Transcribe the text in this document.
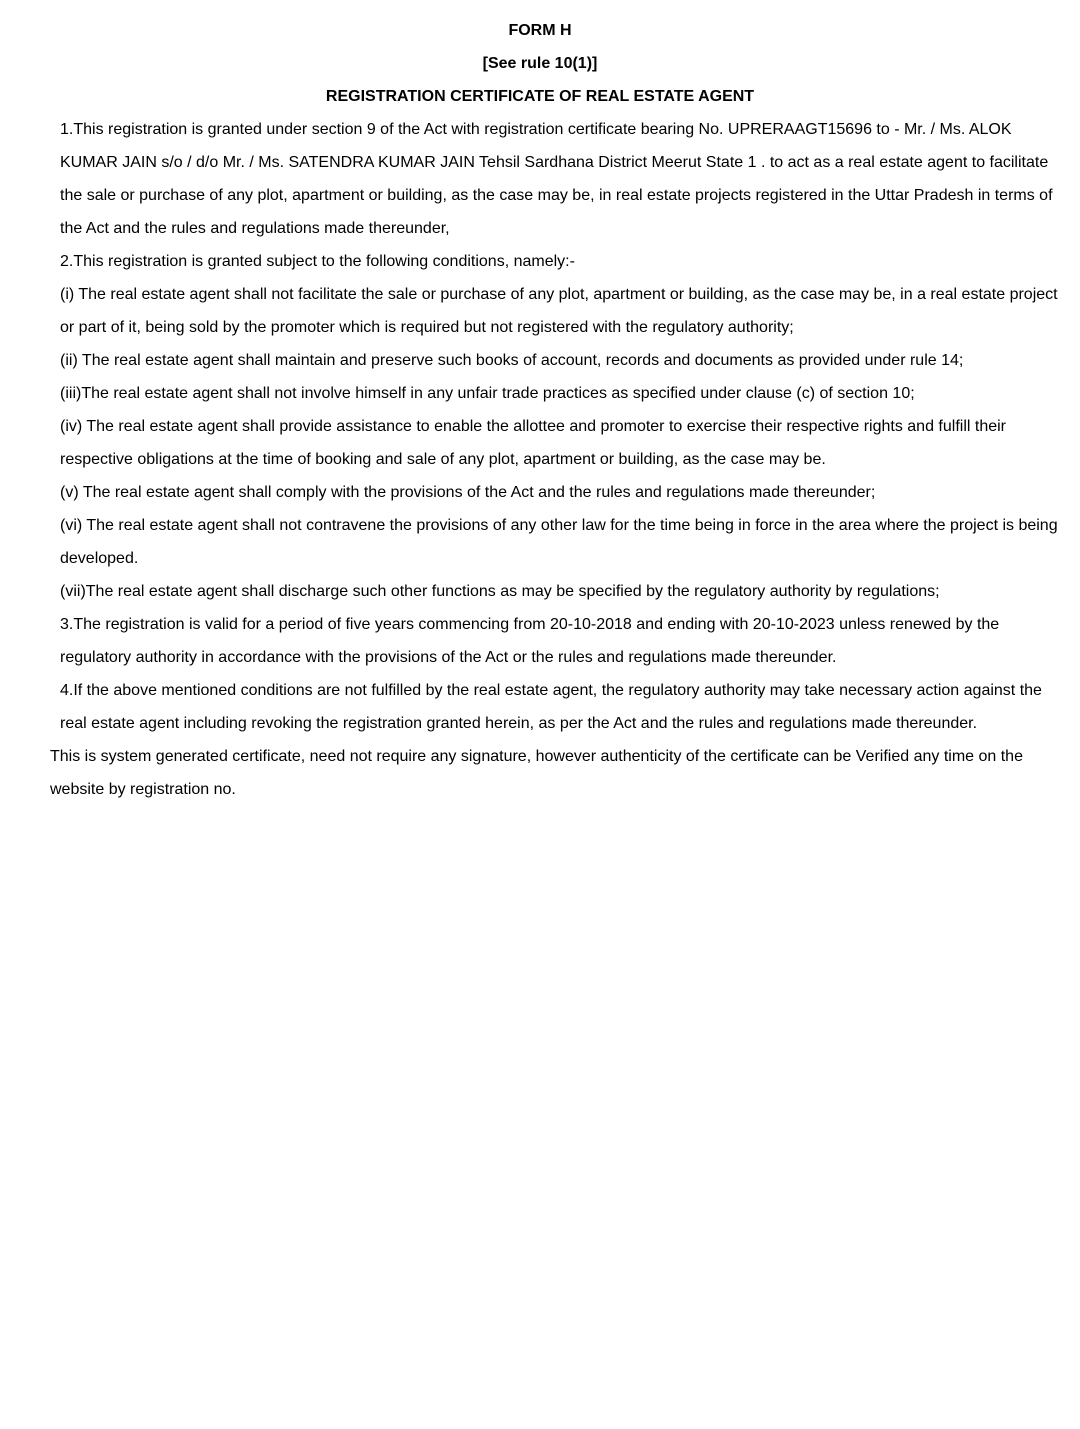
FORM H
[See rule 10(1)]
REGISTRATION CERTIFICATE OF REAL ESTATE AGENT

1.This registration is granted under section 9 of the Act with registration certificate bearing No. UPRERAAGT15696 to - Mr. / Ms. ALOK KUMAR JAIN s/o / d/o Mr. / Ms. SATENDRA KUMAR JAIN Tehsil Sardhana District Meerut State 1 . to act as a real estate agent to facilitate the sale or purchase of any plot, apartment or building, as the case may be, in real estate projects registered in the Uttar Pradesh in terms of the Act and the rules and regulations made thereunder,

2.This registration is granted subject to the following conditions, namely:-

(i) The real estate agent shall not facilitate the sale or purchase of any plot, apartment or building, as the case may be, in a real estate project or part of it, being sold by the promoter which is required but not registered with the regulatory authority;

(ii) The real estate agent shall maintain and preserve such books of account, records and documents as provided under rule 14;

(iii)The real estate agent shall not involve himself in any unfair trade practices as specified under clause (c) of section 10;

(iv) The real estate agent shall provide assistance to enable the allottee and promoter to exercise their respective rights and fulfill their respective obligations at the time of booking and sale of any plot, apartment or building, as the case may be.

(v) The real estate agent shall comply with the provisions of the Act and the rules and regulations made thereunder;

(vi) The real estate agent shall not contravene the provisions of any other law for the time being in force in the area where the project is being developed.

(vii)The real estate agent shall discharge such other functions as may be specified by the regulatory authority by regulations;

3.The registration is valid for a period of five years commencing from 20-10-2018 and ending with 20-10-2023 unless renewed by the regulatory authority in accordance with the provisions of the Act or the rules and regulations made thereunder.

4.If the above mentioned conditions are not fulfilled by the real estate agent, the regulatory authority may take necessary action against the real estate agent including revoking the registration granted herein, as per the Act and the rules and regulations made thereunder.

This is system generated certificate, need not require any signature, however authenticity of the certificate can be Verified any time on the website by registration no.
